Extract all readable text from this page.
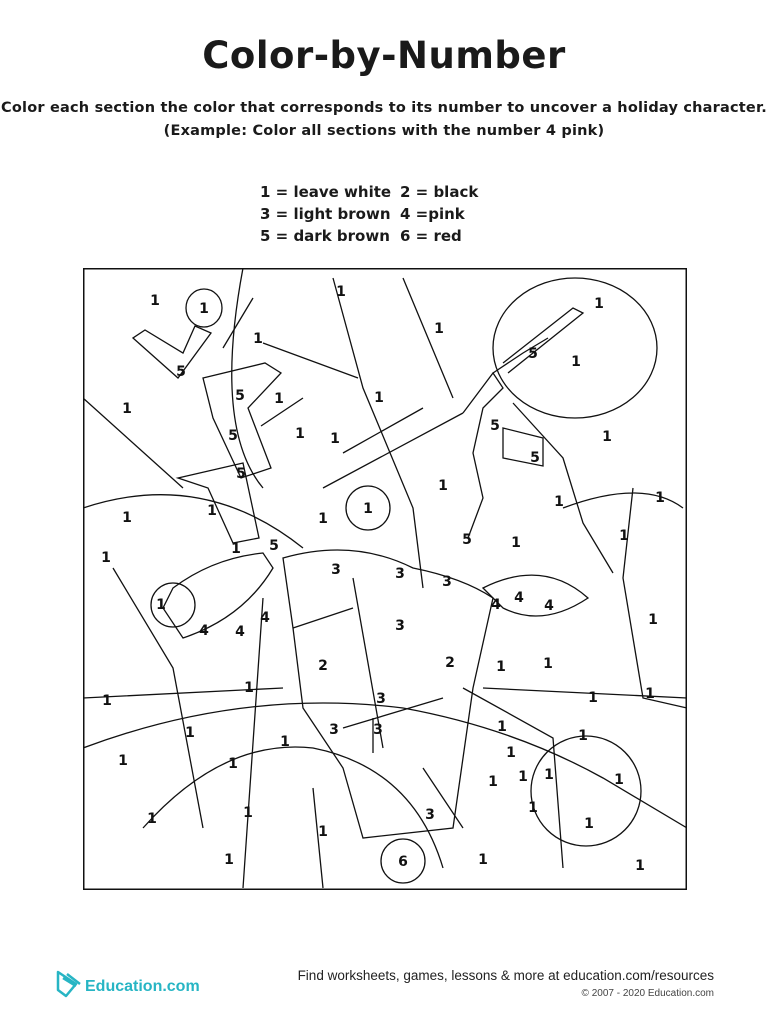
Color-by-Number
Color each section the color that corresponds to its number to uncover a holiday character.
(Example: Color all sections with the number 4 pink)
1 = leave white 2 = black
3 = light brown 4 =pink
5 = dark brown 6 = red
1	1
1
1
1
1
5
5 1
1
5 1	1
5	1 1
5
1
5
5
1
1	1	1
1	1	1
1
1 5	5	1	1
3	3	3
1
4 4
4
4 4 4
1
3
2	2	1	1
1
1
3	1	1
1
1
3 3	1
1
1
1	1
1 1 1	1
1	1	3	1
1
1
6
1	1	1
Education.com
Find worksheets, games, lessons & more at education.com/resources
© 2007 - 2020 Education.com
